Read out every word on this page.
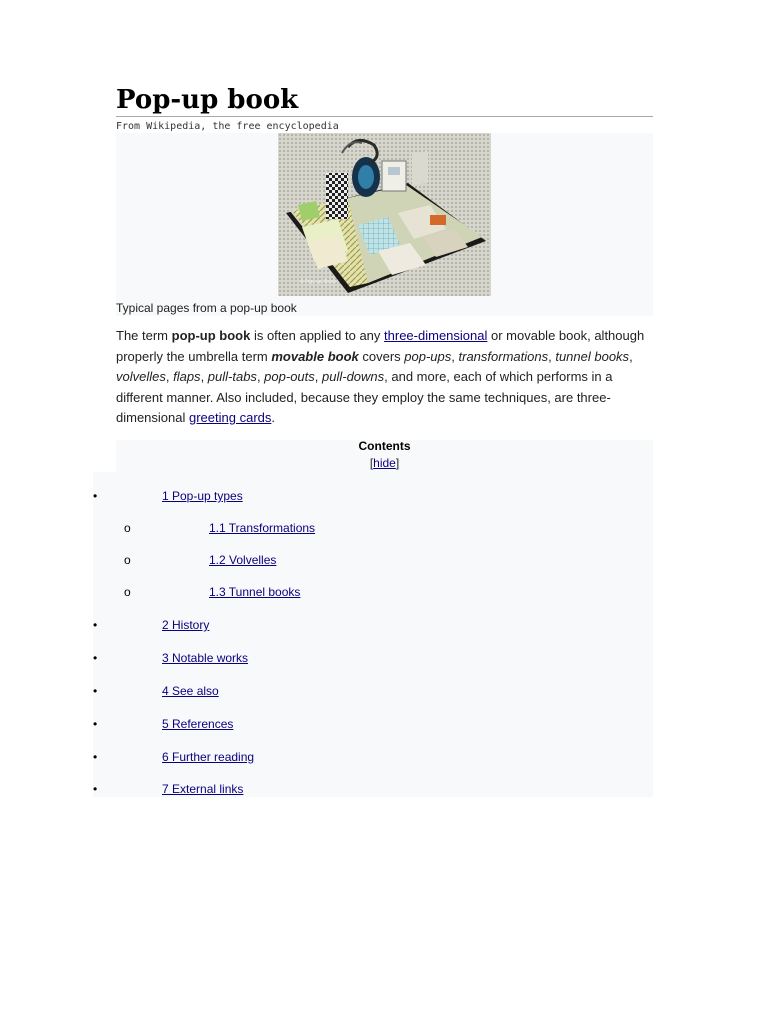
Pop-up book
From Wikipedia, the free encyclopedia
A Pop-up Book
Typical pages from a pop-up book

The term pop-up book is often applied to any three-dimensional or movable book, although properly the umbrella term movable book covers pop-ups, transformations, tunnel books, volvelles, flaps, pull-tabs, pop-outs, pull-downs, and more, each of which performs in a different manner. Also included, because they employ the same techniques, are three-dimensional greeting cards.

Contents
[hide]
•	1 Pop-up types
o	1.1 Transformations
o	1.2 Volvelles
o	1.3 Tunnel books
•	2 History
•	3 Notable works
•	4 See also
•	5 References
•	6 Further reading
•	7 External links
